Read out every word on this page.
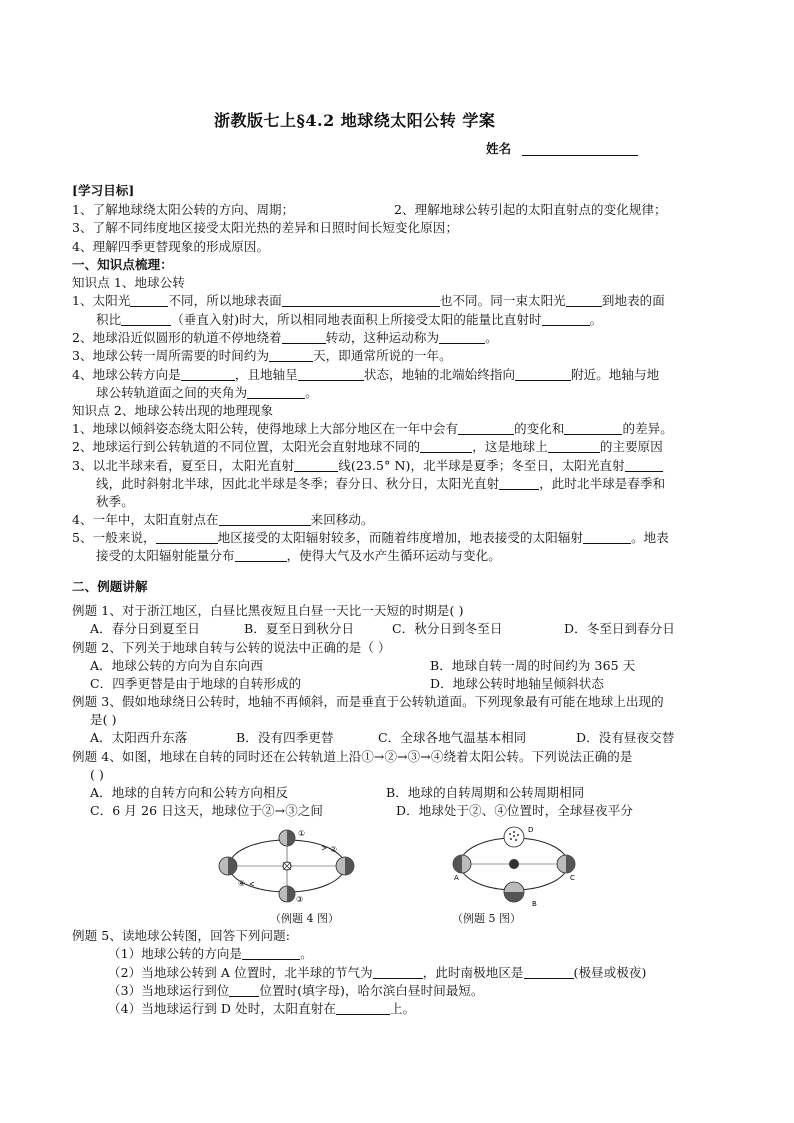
浙教版七上§4.2 地球绕太阳公转 学案
姓名
[学习目标]
1、了解地球绕太阳公转的方向、周期；	2、理解地球公转引起的太阳直射点的变化规律；
3、了解不同纬度地区接受太阳光热的差异和日照时间长短变化原因；
4、理解四季更替现象的形成原因。
一、知识点梳理：
知识点 1、地球公转
1、太阳光	不同，所以地球表面	也不同。同一束太阳光	到地表的面
积比	（垂直入射)时大，所以相同地表面积上所接受太阳的能量比直射时	。
2、地球沿近似圆形的轨道不停地绕着	转动，这种运动称为	。
3、地球公转一周所需要的时间约为	天，即通常所说的一年。
4、地球公转方向是	，且地轴呈	状态，地轴的北端始终指向	附近。地轴与地
球公转轨道面之间的夹角为	。
知识点 2、地球公转出现的地理现象
1、地球以倾斜姿态绕太阳公转，使得地球上大部分地区在一年中会有	的变化和	的差异。
2、地球运行到公转轨道的不同位置，太阳光会直射地球不同的	，这是地球上	的主要原因
3、以北半球来看，夏至日，太阳光直射	线(23.5° N)，北半球是夏季；冬至日，太阳光直射
线，此时斜射北半球，因此北半球是冬季；春分日、秋分日，太阳光直射	，此时北半球是春季和
秋季。
4、一年中，太阳直射点在	来回移动。
5、一般来说，	地区接受的太阳辐射较多，而随着纬度增加，地表接受的太阳辐射	。地表
接受的太阳辐射能量分布	，使得大气及水产生循环运动与变化。
二、例题讲解
例题 1、对于浙江地区，白昼比黑夜短且白昼一天比一天短的时期是( )
A．春分日到夏至日	B．夏至日到秋分日	C．秋分日到冬至日	D．冬至日到春分日
例题 2、下列关于地球自转与公转的说法中正确的是（ ）
A．地球公转的方向为自东向西	B．地球自转一周的时间约为 365 天
C．四季更替是由于地球的自转形成的	D．地球公转时地轴呈倾斜状态
例题 3、假如地球绕日公转时，地轴不再倾斜，而是垂直于公转轨道面。下列现象最有可能在地球上出现的
是( )
A．太阳西升东落	B．没有四季更替	C．全球各地气温基本相同	D．没有昼夜交替
例题 4、如图，地球在自转的同时还在公转轨道上沿①→②→③→④绕着太阳公转。下列说法正确的是
( )
A．地球的自转方向和公转方向相反	B．地球的自转周期和公转周期相同
C．6 月 26 日这天，地球位于②→③之间	D．地球处于②、④位置时，全球昼夜平分
①
②
③
④
（例题 4 图）
A
B
C
D
（例题 5 图）
例题 5、读地球公转图，回答下列问题:
（1）地球公转的方向是	。
（2）当地球公转到 A 位置时，北半球的节气为	，此时南极地区是	(极昼或极夜)
（3）当地球运行到位 位置时(填字母)，哈尔滨白昼时间最短。
（4）当地球运行到 D 处时，太阳直射在	上。
